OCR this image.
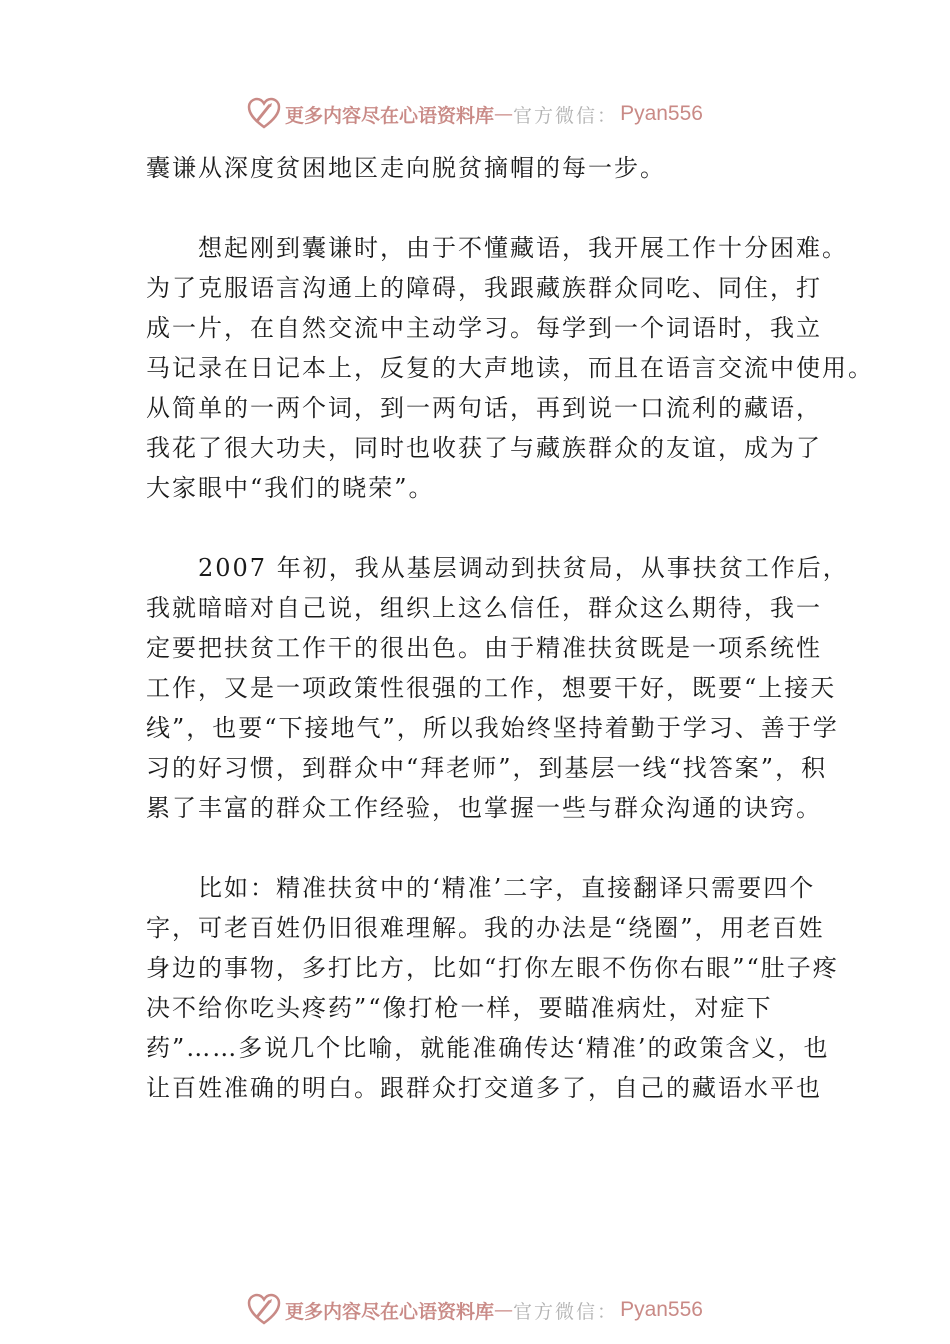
更多内容尽在心语资料库 — 官方微信： Pyan556
囊谦从深度贫困地区走向脱贫摘帽的每一步。
　　想起刚到囊谦时，由于不懂藏语，我开展工作十分困难。
为了克服语言沟通上的障碍，我跟藏族群众同吃、同住，打
成一片，在自然交流中主动学习。每学到一个词语时，我立
马记录在日记本上，反复的大声地读，而且在语言交流中使用。
从简单的一两个词，到一两句话，再到说一口流利的藏语，
我花了很大功夫，同时也收获了与藏族群众的友谊，成为了
大家眼中“我们的晓荣”。
　　2007 年初，我从基层调动到扶贫局，从事扶贫工作后，
我就暗暗对自己说，组织上这么信任，群众这么期待，我一
定要把扶贫工作干的很出色。由于精准扶贫既是一项系统性
工作，又是一项政策性很强的工作，想要干好，既要“上接天
线”，也要“下接地气”，所以我始终坚持着勤于学习、善于学
习的好习惯，到群众中“拜老师”，到基层一线“找答案”，积
累了丰富的群众工作经验，也掌握一些与群众沟通的诀窍。
　　比如：精准扶贫中的‘精准’二字，直接翻译只需要四个
字，可老百姓仍旧很难理解。我的办法是“绕圈”，用老百姓
身边的事物，多打比方，比如“打你左眼不伤你右眼”“肚子疼
决不给你吃头疼药”“像打枪一样，要瞄准病灶，对症下
药”……多说几个比喻，就能准确传达‘精准’的政策含义，也
让百姓准确的明白。跟群众打交道多了，自己的藏语水平也
更多内容尽在心语资料库 — 官方微信： Pyan556
